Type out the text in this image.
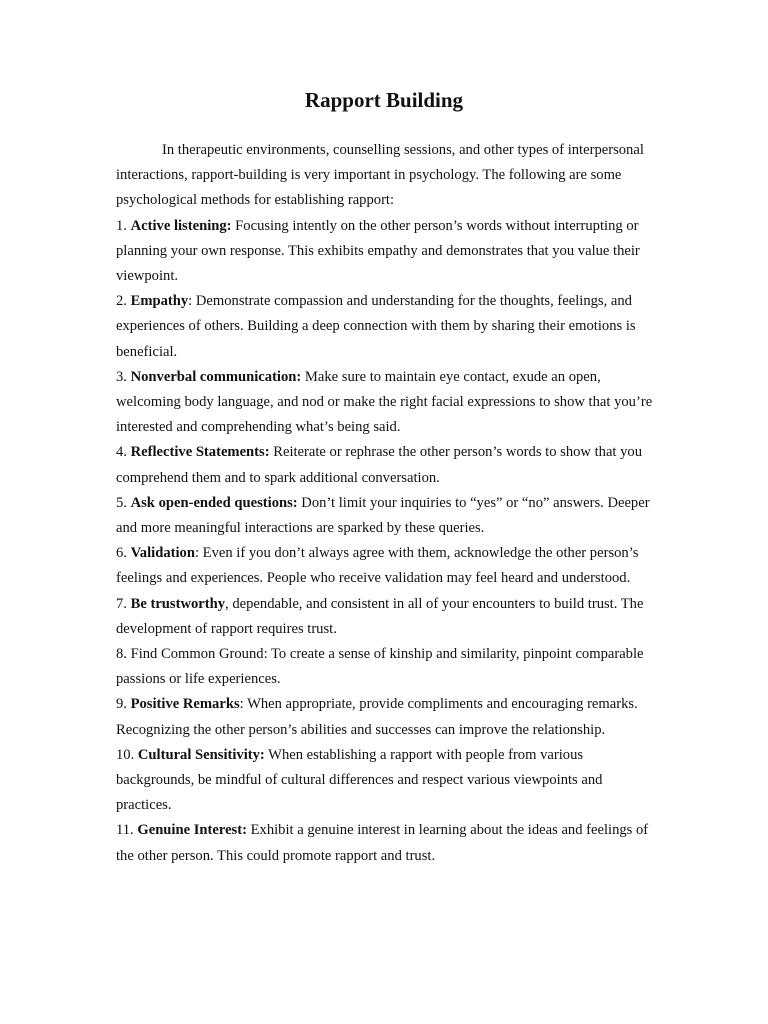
Rapport Building

In therapeutic environments, counselling sessions, and other types of interpersonal interactions, rapport-building is very important in psychology. The following are some psychological methods for establishing rapport:

1. Active listening: Focusing intently on the other person’s words without interrupting or planning your own response. This exhibits empathy and demonstrates that you value their viewpoint.

2. Empathy: Demonstrate compassion and understanding for the thoughts, feelings, and experiences of others. Building a deep connection with them by sharing their emotions is beneficial.

3. Nonverbal communication: Make sure to maintain eye contact, exude an open, welcoming body language, and nod or make the right facial expressions to show that you’re interested and comprehending what’s being said.

4. Reflective Statements: Reiterate or rephrase the other person’s words to show that you comprehend them and to spark additional conversation.

5. Ask open-ended questions: Don’t limit your inquiries to “yes” or “no” answers. Deeper and more meaningful interactions are sparked by these queries.

6. Validation: Even if you don’t always agree with them, acknowledge the other person’s feelings and experiences. People who receive validation may feel heard and understood.

7. Be trustworthy, dependable, and consistent in all of your encounters to build trust. The development of rapport requires trust.

8. Find Common Ground: To create a sense of kinship and similarity, pinpoint comparable passions or life experiences.

9. Positive Remarks: When appropriate, provide compliments and encouraging remarks. Recognizing the other person’s abilities and successes can improve the relationship.

10. Cultural Sensitivity: When establishing a rapport with people from various backgrounds, be mindful of cultural differences and respect various viewpoints and practices.

11. Genuine Interest: Exhibit a genuine interest in learning about the ideas and feelings of the other person. This could promote rapport and trust.
